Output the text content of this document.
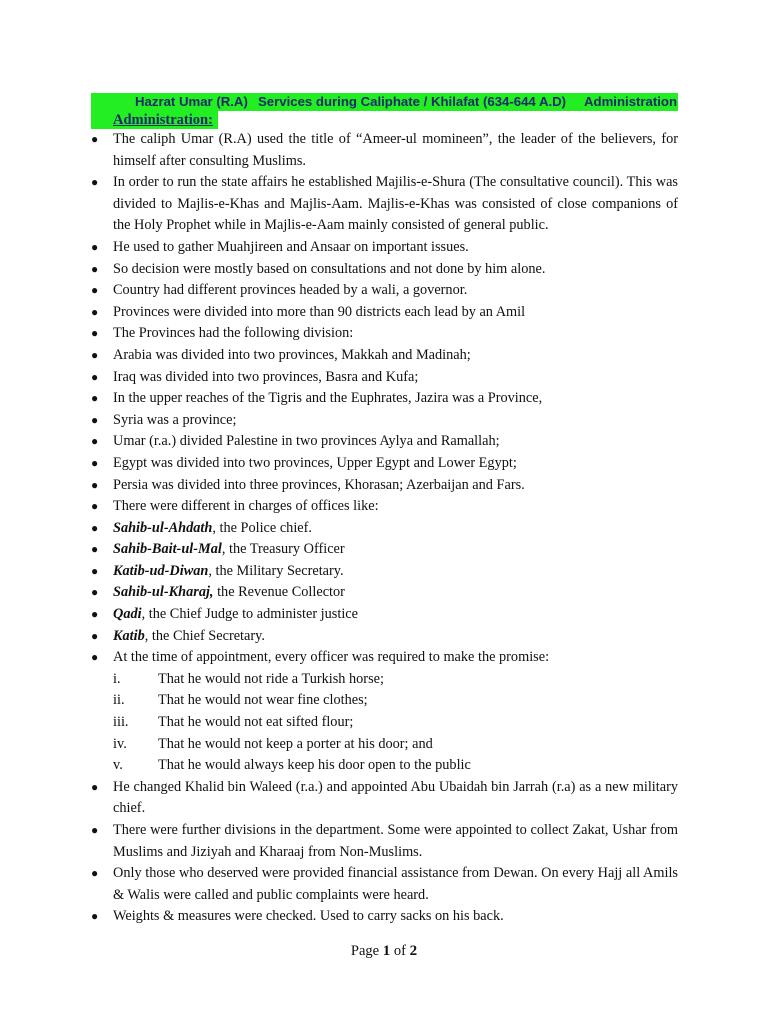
Hazrat Umar (R.A) Services during Caliphate / Khilafat (634-644 A.D) Administration
Administration:
● The caliph Umar (R.A) used the title of “Ameer-ul momineen”, the leader of the believers, for himself after consulting Muslims.
● In order to run the state affairs he established Majilis-e-Shura (The consultative council). This was divided to Majlis-e-Khas and Majlis-Aam. Majlis-e-Khas was consisted of close companions of the Holy Prophet while in Majlis-e-Aam mainly consisted of general public.
● He used to gather Muahjireen and Ansaar on important issues.
● So decision were mostly based on consultations and not done by him alone.
● Country had different provinces headed by a wali, a governor.
● Provinces were divided into more than 90 districts each lead by an Amil
● The Provinces had the following division:
● Arabia was divided into two provinces, Makkah and Madinah;
● Iraq was divided into two provinces, Basra and Kufa;
● In the upper reaches of the Tigris and the Euphrates, Jazira was a Province,
● Syria was a province;
● Umar (r.a.) divided Palestine in two provinces Aylya and Ramallah;
● Egypt was divided into two provinces, Upper Egypt and Lower Egypt;
● Persia was divided into three provinces, Khorasan; Azerbaijan and Fars.
● There were different in charges of offices like:
● Sahib-ul-Ahdath, the Police chief.
● Sahib-Bait-ul-Mal, the Treasury Officer
● Katib-ud-Diwan, the Military Secretary.
● Sahib-ul-Kharaj, the Revenue Collector
● Qadi, the Chief Judge to administer justice
● Katib, the Chief Secretary.
● At the time of appointment, every officer was required to make the promise:
i.	That he would not ride a Turkish horse;
ii. That he would not wear fine clothes;
iii. That he would not eat sifted flour;
iv. That he would not keep a porter at his door; and
v. That he would always keep his door open to the public
● He changed Khalid bin Waleed (r.a.) and appointed Abu Ubaidah bin Jarrah (r.a) as a new military chief.
● There were further divisions in the department. Some were appointed to collect Zakat, Ushar from Muslims and Jiziyah and Kharaaj from Non-Muslims.
● Only those who deserved were provided financial assistance from Dewan. On every Hajj all Amils & Walis were called and public complaints were heard.
● Weights & measures were checked. Used to carry sacks on his back.
Page 1 of 2
